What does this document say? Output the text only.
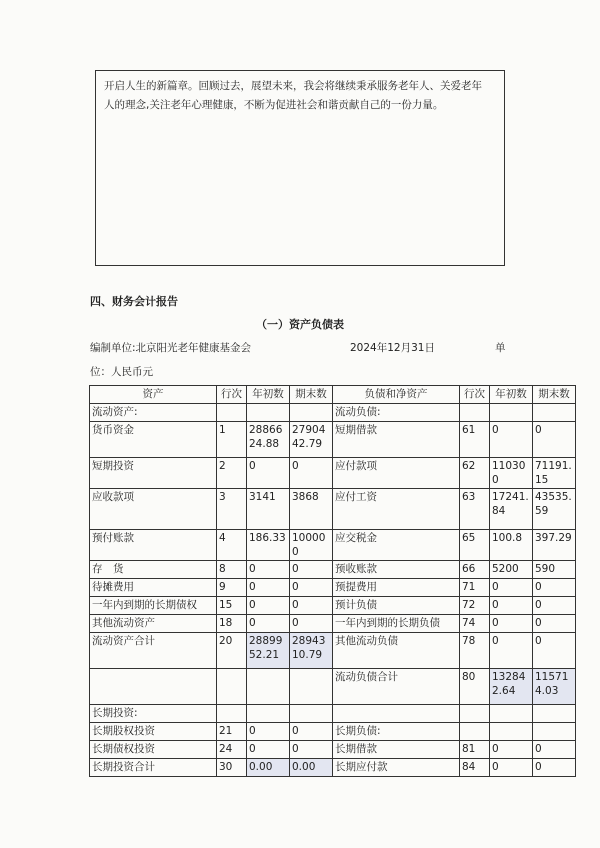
开启人生的新篇章。回顾过去，展望未来，我会将继续秉承服务老年人、关爱老年
人的理念,关注老年心理健康，不断为促进社会和谐贡献自己的一份力量。
四、财务会计报告
（一）资产负债表
编制单位:北京阳光老年健康基金会	2024年12月31日	单
位：人民币元
资产	行次	年初数	期末数	负债和净资产	行次	年初数	期末数
流动资产:				流动负债:			
货币资金	1	2886624.88	2790442.79	短期借款	61	0	0
短期投资	2	0	0	应付款项	62	110300	71191.15
应收款项	3	3141	3868	应付工资	63	17241.84	43535.59
预付账款	4	186.33	100000	应交税金	65	100.8	397.29
存　货	8	0	0	预收账款	66	5200	590
待摊费用	9	0	0	预提费用	71	0	0
一年内到期的长期债权	15	0	0	预计负债	72	0	0
其他流动资产	18	0	0	一年内到期的长期负债	74	0	0
流动资产合计	20	2889952.21	2894310.79	其他流动负债	78	0	0
				流动负债合计	80	132842.64	115714.03
长期投资:							
长期股权投资	21	0	0	长期负债:			
长期债权投资	24	0	0	长期借款	81	0	0
长期投资合计	30	0.00	0.00	长期应付款	84	0	0
